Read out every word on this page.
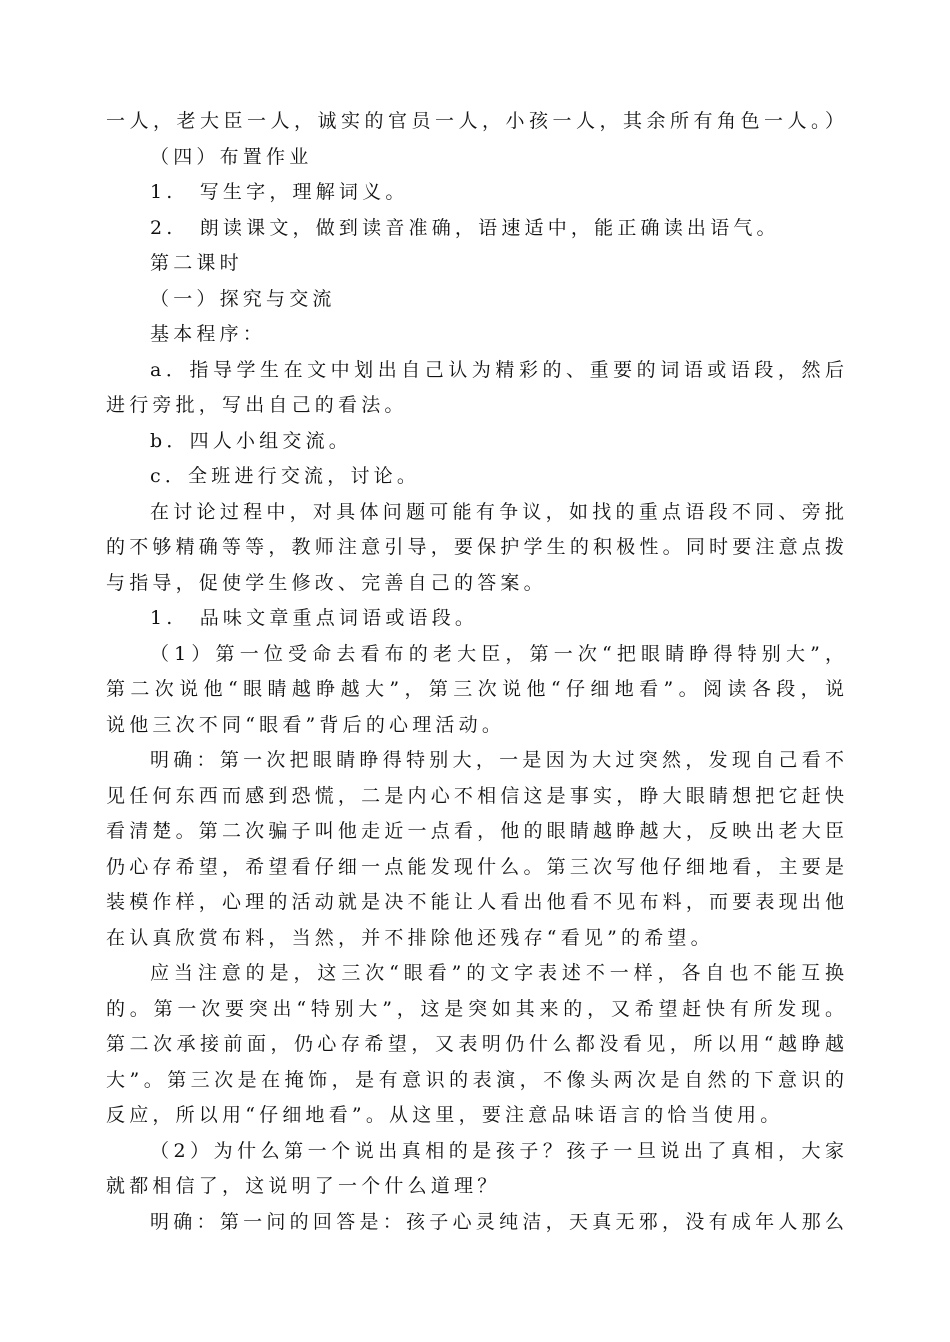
一人，老大臣一人，诚实的官员一人，小孩一人，其余所有角色一人。）
（四）布置作业
1.　写生字，理解词义。
2.　朗读课文，做到读音准确，语速适中，能正确读出语气。
第二课时
（一）探究与交流
基本程序：
a．指导学生在文中划出自己认为精彩的、重要的词语或语段，然后
进行旁批，写出自己的看法。
b．四人小组交流。
c．全班进行交流，讨论。
在讨论过程中，对具体问题可能有争议，如找的重点语段不同、旁批
的不够精确等等，教师注意引导，要保护学生的积极性。同时要注意点拨
与指导，促使学生修改、完善自己的答案。
1.　品味文章重点词语或语段。
（1）第一位受命去看布的老大臣，第一次“把眼睛睁得特别大”，
第二次说他“眼睛越睁越大”，第三次说他“仔细地看”。阅读各段，说
说他三次不同“眼看”背后的心理活动。
明确：第一次把眼睛睁得特别大，一是因为大过突然，发现自己看不
见任何东西而感到恐慌，二是内心不相信这是事实，睁大眼睛想把它赶快
看清楚。第二次骗子叫他走近一点看，他的眼睛越睁越大，反映出老大臣
仍心存希望，希望看仔细一点能发现什么。第三次写他仔细地看，主要是
装模作样，心理的活动就是决不能让人看出他看不见布料，而要表现出他
在认真欣赏布料，当然，并不排除他还残存“看见”的希望。
应当注意的是，这三次“眼看”的文字表述不一样，各自也不能互换
的。第一次要突出“特别大”，这是突如其来的，又希望赶快有所发现。
第二次承接前面，仍心存希望，又表明仍什么都没看见，所以用“越睁越
大”。第三次是在掩饰，是有意识的表演，不像头两次是自然的下意识的
反应，所以用“仔细地看”。从这里，要注意品味语言的恰当使用。
（2）为什么第一个说出真相的是孩子？孩子一旦说出了真相，大家
就都相信了，这说明了一个什么道理？
明确：第一问的回答是：孩子心灵纯洁，天真无邪，没有成年人那么
